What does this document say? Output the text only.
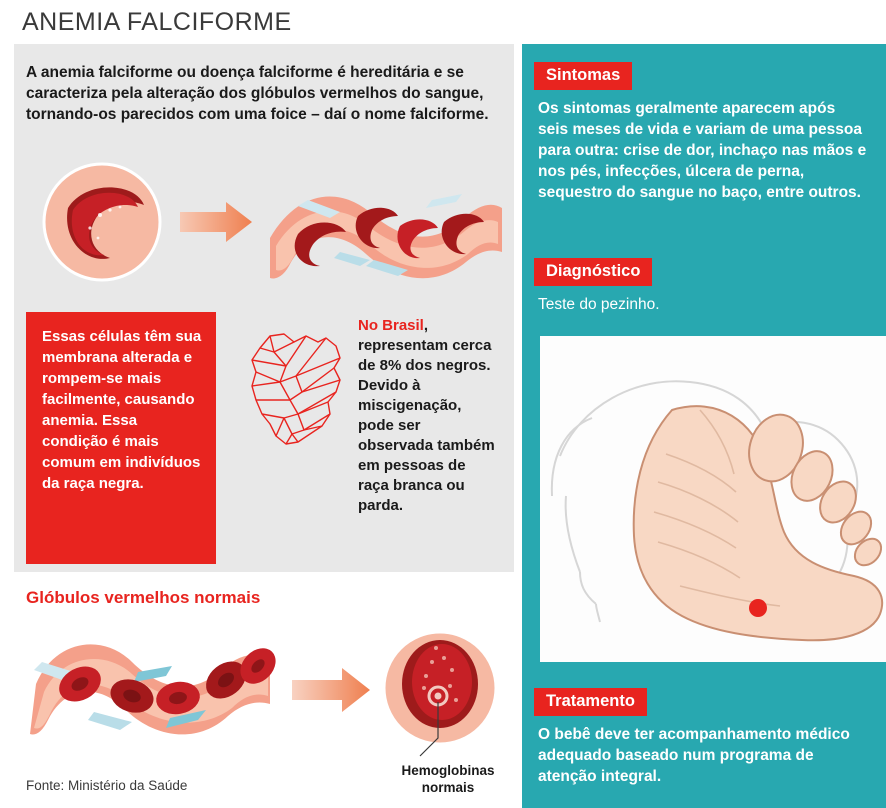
ANEMIA FALCIFORME
A anemia falciforme ou doença falciforme é hereditária e se caracteriza pela alteração dos glóbulos vermelhos do sangue, tornando-os parecidos com uma foice – daí o nome falciforme.
Essas células têm sua membrana alterada e rompem-se mais facilmente, causando anemia. Essa condição é mais comum em indivíduos da raça negra.
No Brasil, representam cerca de 8% dos negros. Devido à miscigenação, pode ser observada também em pessoas de raça branca ou parda.
Glóbulos vermelhos normais
Hemoglobinas normais
Fonte: Ministério da Saúde
Sintomas
Os sintomas geralmente aparecem após seis meses de vida e variam de uma pessoa para outra: crise de dor, inchaço nas mãos e nos pés, infecções, úlcera de perna, sequestro do sangue no baço, entre outros.
Diagnóstico
Teste do pezinho.
Tratamento
O bebê deve ter acompanhamento médico adequado baseado num programa de atenção integral.
